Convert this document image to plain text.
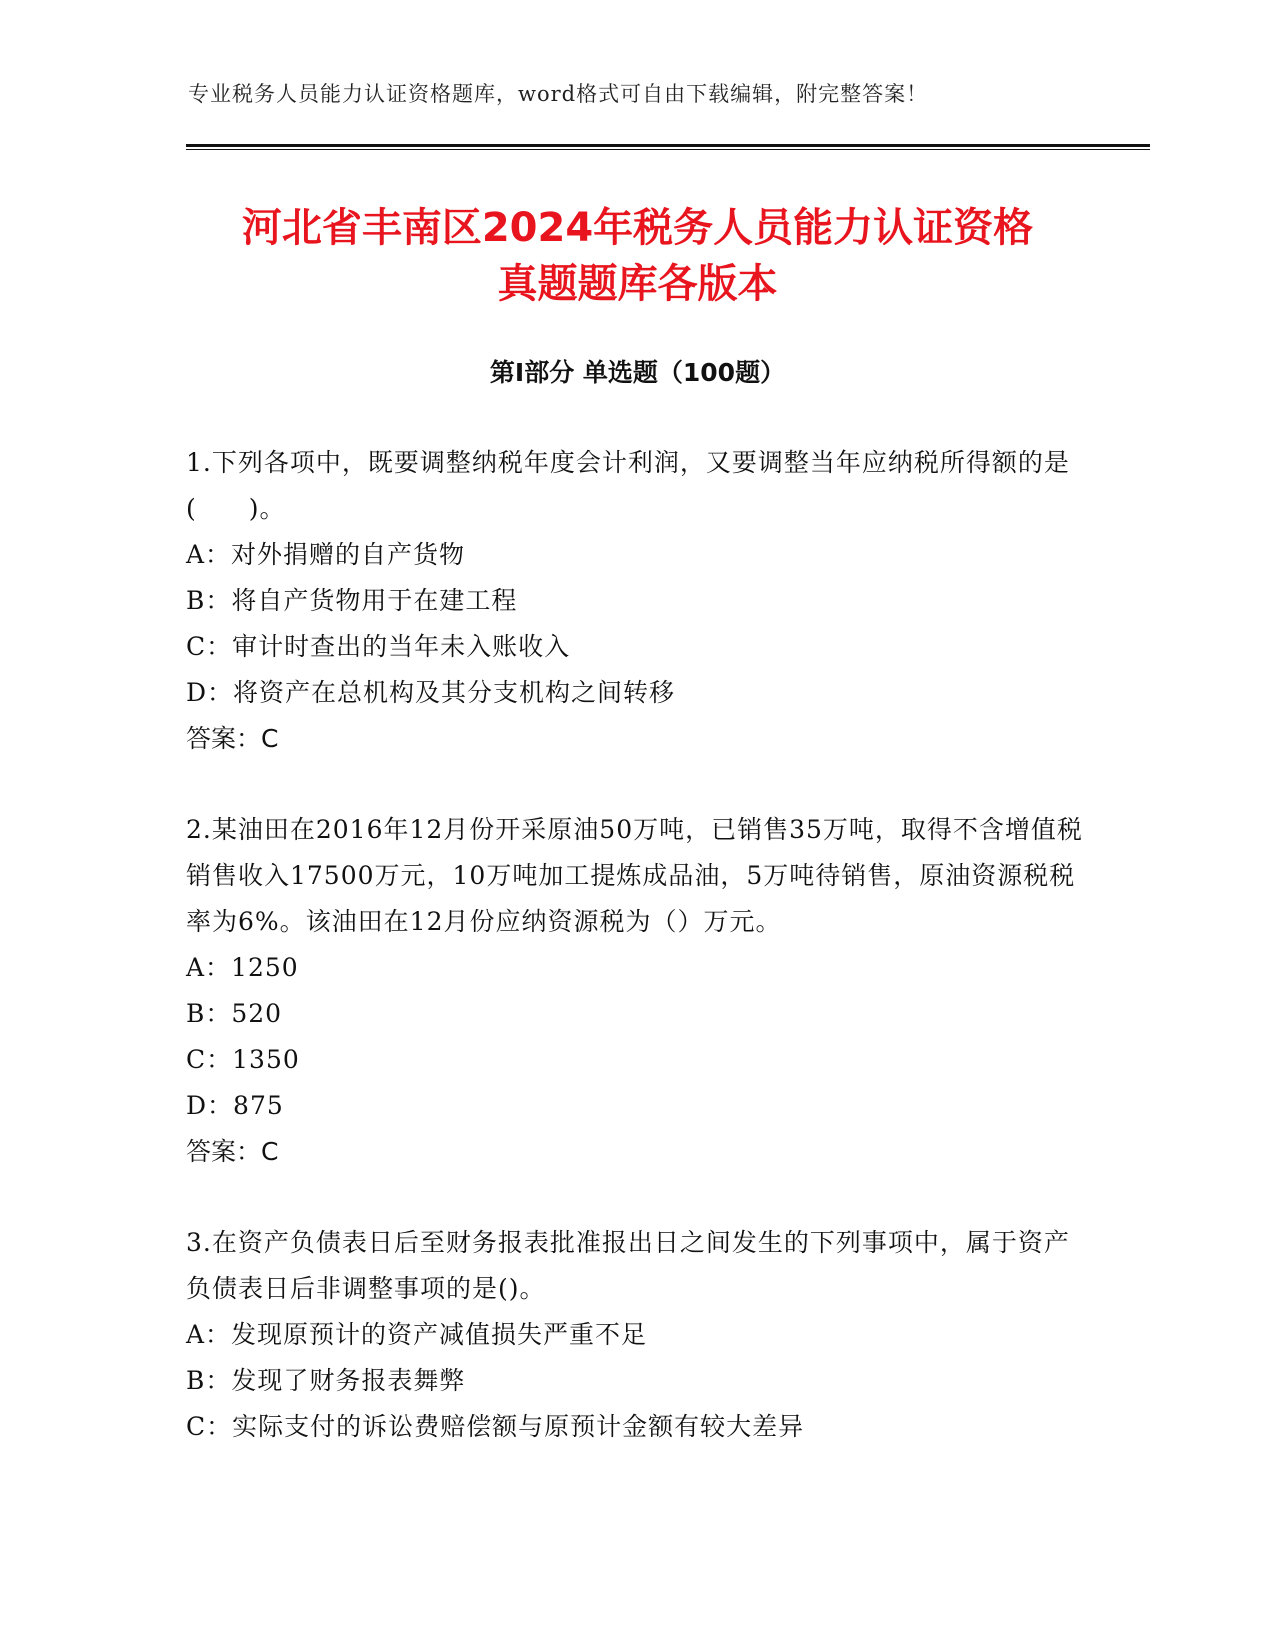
专业税务人员能力认证资格题库，word格式可自由下载编辑，附完整答案！
河北省丰南区2024年税务人员能力认证资格
真题题库各版本
第Ⅰ部分 单选题（100题）

1.下列各项中，既要调整纳税年度会计利润，又要调整当年应纳税所得额的是(　　)。

A：对外捐赠的自产货物

B：将自产货物用于在建工程

C：审计时查出的当年未入账收入

D：将资产在总机构及其分支机构之间转移

答案：C

2.某油田在2016年12月份开采原油50万吨，已销售35万吨，取得不含增值税销售收入17500万元，10万吨加工提炼成品油，5万吨待销售，原油资源税税率为6%。该油田在12月份应纳资源税为（）万元。

A：1250

B：520

C：1350

D：875

答案：C

3.在资产负债表日后至财务报表批准报出日之间发生的下列事项中，属于资产负债表日后非调整事项的是()。

A：发现原预计的资产减值损失严重不足

B：发现了财务报表舞弊

C：实际支付的诉讼费赔偿额与原预计金额有较大差异
